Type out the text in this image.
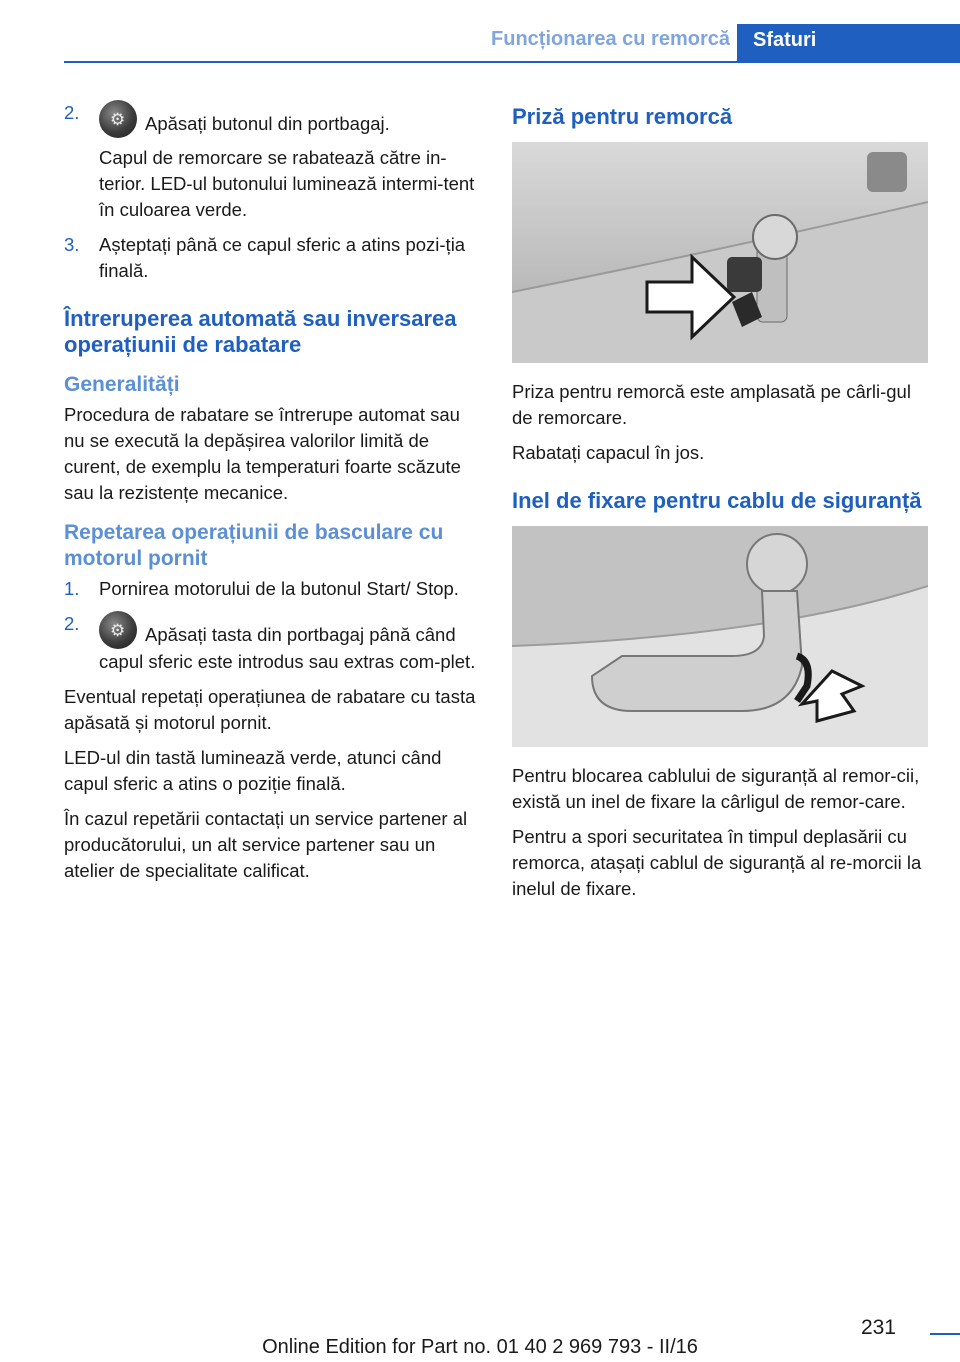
Funcționarea cu remorcă Sfaturi
2.

⚙Apăsați butonul din portbagaj.

Capul de remorcare se rabatează către in‐terior. LED-ul butonului luminează intermi‐tent în culoarea verde.

3. Așteptați până ce capul sferic a atins pozi‐ția finală.

Întreruperea automată sau inversarea operațiunii de rabatare
Generalități

Procedura de rabatare se întrerupe automat sau nu se execută la depășirea valorilor limită de curent, de exemplu la temperaturi foarte scăzute sau la rezistențe mecanice.

Repetarea operațiunii de basculare cu motorul pornit
1. Pornirea motorului de la butonul Start/ Stop.

2.

⚙Apăsați tasta din portbagaj până când capul sferic este introdus sau extras com‐plet.

Eventual repetați operațiunea de rabatare cu tasta apăsată și motorul pornit.

LED-ul din tastă luminează verde, atunci când capul sferic a atins o poziție finală.

În cazul repetării contactați un service partener al producătorului, un alt service partener sau un atelier de specialitate calificat.

Priză pentru remorcă

Priza pentru remorcă este amplasată pe cârli‐gul de remorcare.

Rabatați capacul în jos.

Inel de fixare pentru cablu de siguranță

Pentru blocarea cablului de siguranță al remor‐cii, există un inel de fixare la cârligul de remor‐care.

Pentru a spori securitatea în timpul deplasării cu remorca, atașați cablul de siguranță al re‐morcii la inelul de fixare.

231
Online Edition for Part no. 01 40 2 969 793 - II/16
